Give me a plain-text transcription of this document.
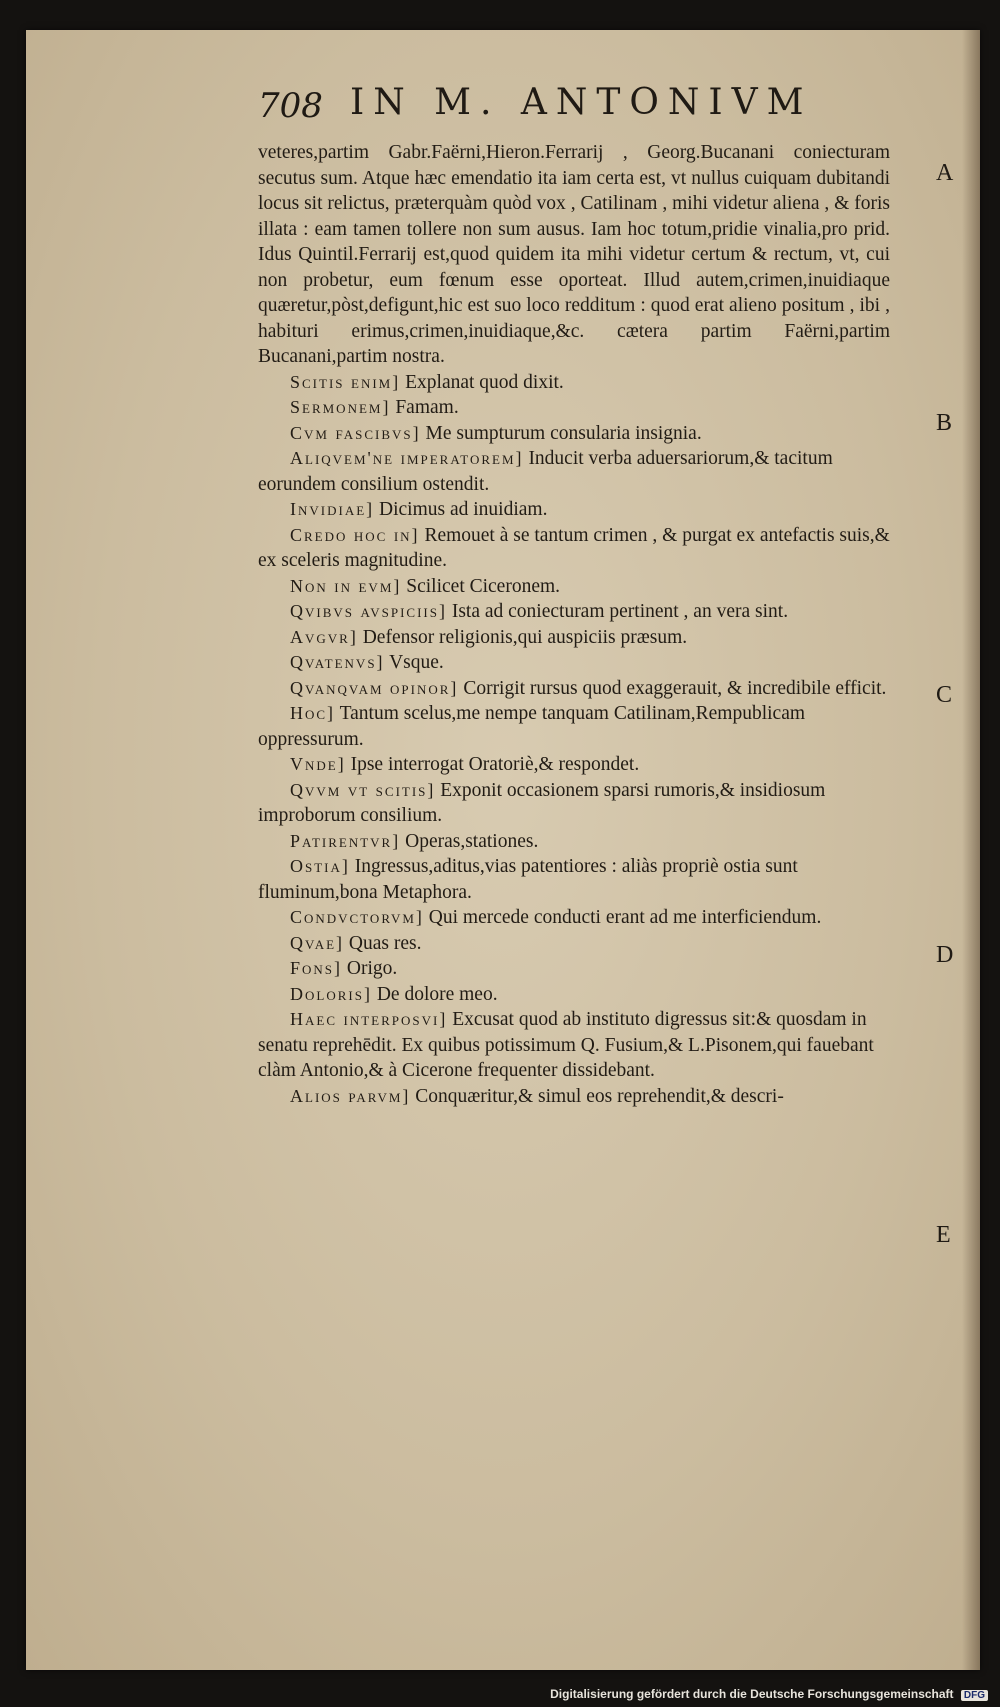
708 IN M. ANTONIVM

veteres,partim Gabr.Faërni,Hieron.Ferrarij , Georg.Bucanani coniecturam secutus sum. Atque hæc emendatio ita iam certa est, vt nullus cuiquam dubitandi locus sit relictus, præterquàm quòd vox , Catilinam , mihi videtur aliena , & foris illata : eam tamen tollere non sum ausus. Iam hoc totum,pridie vinalia,pro prid. Idus Quintil.Ferrarij est,quod quidem ita mihi videtur certum & rectum, vt, cui non probetur, eum fœnum esse oporteat. Illud autem,crimen,inuidiaque quæretur,pòst,defigunt,hic est suo loco redditum : quod erat alieno positum , ibi , habituri erimus,crimen,inuidiaque,&c. cætera partim Faërni,partim Bucanani,partim nostra.

Scitis enim] Explanat quod dixit.

Sermonem] Famam.

Cvm fascibvs] Me sumpturum consularia insignia.

Aliqvem'ne imperatorem] Inducit verba aduersariorum,& tacitum eorundem consilium ostendit.

Invidiae] Dicimus ad inuidiam.

Credo hoc in] Remouet à se tantum crimen , & purgat ex antefactis suis,& ex sceleris magnitudine.

Non in evm] Scilicet Ciceronem.

Qvibvs avspiciis] Ista ad coniecturam pertinent , an vera sint.

Avgvr] Defensor religionis,qui auspiciis præsum.

Qvatenvs] Vsque.

Qvanqvam opinor] Corrigit rursus quod exaggerauit, & incredibile efficit.

Hoc] Tantum scelus,me nempe tanquam Catilinam,Rempublicam oppressurum.

Vnde] Ipse interrogat Oratoriè,& respondet.

Qvvm vt scitis] Exponit occasionem sparsi rumoris,& insidiosum improborum consilium.

Patirentvr] Operas,stationes.

Ostia] Ingressus,aditus,vias patentiores : aliàs propriè ostia sunt fluminum,bona Metaphora.

Condvctorvm] Qui mercede conducti erant ad me interficiendum.

Qvae] Quas res.

Fons] Origo.

Doloris] De dolore meo.

Haec interposvi] Excusat quod ab instituto digressus sit:& quosdam in senatu reprehēdit. Ex quibus potissimum Q. Fusium,& L.Pisonem,qui fauebant clàm Antonio,& à Cicerone frequenter dissidebant.

Alios parvm] Conquæritur,& simul eos reprehendit,& descri-

A
B
C
D
E
Digitalisierung gefördert durch die Deutsche Forschungsgemeinschaft DFG
